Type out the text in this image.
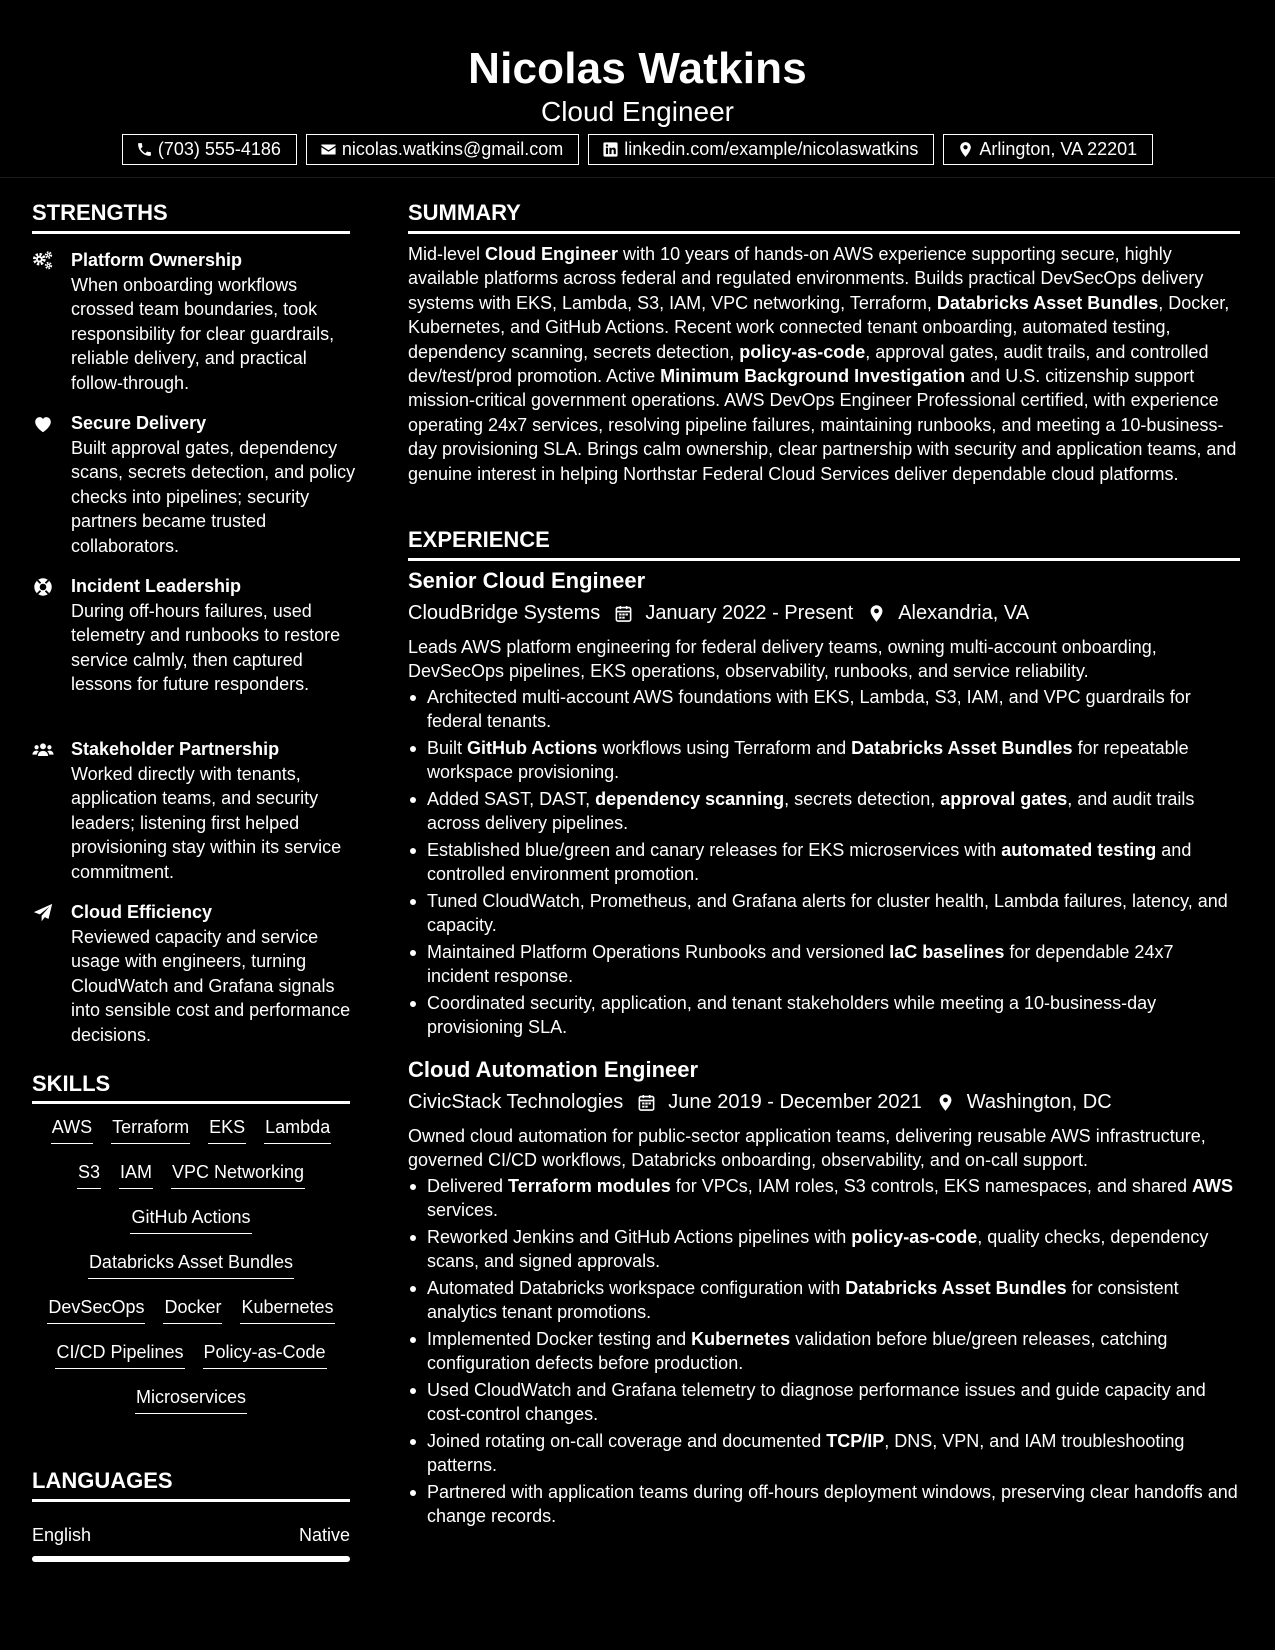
Nicolas Watkins
Cloud Engineer
(703) 555-4186	nicolas.watkins@gmail.com	linkedin.com/example/nicolaswatkins	Arlington, VA 22201
STRENGTHS
Platform Ownership
When onboarding workflows crossed team boundaries, took responsibility for clear guardrails, reliable delivery, and practical follow-through.
Secure Delivery
Built approval gates, dependency scans, secrets detection, and policy checks into pipelines; security partners became trusted collaborators.
Incident Leadership
During off-hours failures, used telemetry and runbooks to restore service calmly, then captured lessons for future responders.
Stakeholder Partnership
Worked directly with tenants, application teams, and security leaders; listening first helped provisioning stay within its service commitment.
Cloud Efficiency
Reviewed capacity and service usage with engineers, turning CloudWatch and Grafana signals into sensible cost and performance decisions.
SKILLS
AWS Terraform EKS Lambda
S3 IAM VPC Networking
GitHub Actions
Databricks Asset Bundles
DevSecOps Docker Kubernetes
CI/CD Pipelines Policy-as-Code
Microservices
LANGUAGES
English	Native
SUMMARY
Mid-level Cloud Engineer with 10 years of hands-on AWS experience supporting secure, highly available platforms across federal and regulated environments. Builds practical DevSecOps delivery systems with EKS, Lambda, S3, IAM, VPC networking, Terraform, Databricks Asset Bundles, Docker, Kubernetes, and GitHub Actions. Recent work connected tenant onboarding, automated testing, dependency scanning, secrets detection, policy-as-code, approval gates, audit trails, and controlled dev/test/prod promotion. Active Minimum Background Investigation and U.S. citizenship support mission-critical government operations. AWS DevOps Engineer Professional certified, with experience operating 24x7 services, resolving pipeline failures, maintaining runbooks, and meeting a 10-business-day provisioning SLA. Brings calm ownership, clear partnership with security and application teams, and genuine interest in helping Northstar Federal Cloud Services deliver dependable cloud platforms.
EXPERIENCE
Senior Cloud Engineer
CloudBridge Systems January 2022 - Present Alexandria, VA
Leads AWS platform engineering for federal delivery teams, owning multi-account onboarding, DevSecOps pipelines, EKS operations, observability, runbooks, and service reliability.
Architected multi-account AWS foundations with EKS, Lambda, S3, IAM, and VPC guardrails for federal tenants.
Built GitHub Actions workflows using Terraform and Databricks Asset Bundles for repeatable workspace provisioning.
Added SAST, DAST, dependency scanning, secrets detection, approval gates, and audit trails across delivery pipelines.
Established blue/green and canary releases for EKS microservices with automated testing and controlled environment promotion.
Tuned CloudWatch, Prometheus, and Grafana alerts for cluster health, Lambda failures, latency, and capacity.
Maintained Platform Operations Runbooks and versioned IaC baselines for dependable 24x7 incident response.
Coordinated security, application, and tenant stakeholders while meeting a 10-business-day provisioning SLA.
Cloud Automation Engineer
CivicStack Technologies June 2019 - December 2021 Washington, DC
Owned cloud automation for public-sector application teams, delivering reusable AWS infrastructure, governed CI/CD workflows, Databricks onboarding, observability, and on-call support.
Delivered Terraform modules for VPCs, IAM roles, S3 controls, EKS namespaces, and shared AWS services.
Reworked Jenkins and GitHub Actions pipelines with policy-as-code, quality checks, dependency scans, and signed approvals.
Automated Databricks workspace configuration with Databricks Asset Bundles for consistent analytics tenant promotions.
Implemented Docker testing and Kubernetes validation before blue/green releases, catching configuration defects before production.
Used CloudWatch and Grafana telemetry to diagnose performance issues and guide capacity and cost-control changes.
Joined rotating on-call coverage and documented TCP/IP, DNS, VPN, and IAM troubleshooting patterns.
Partnered with application teams during off-hours deployment windows, preserving clear handoffs and change records.
